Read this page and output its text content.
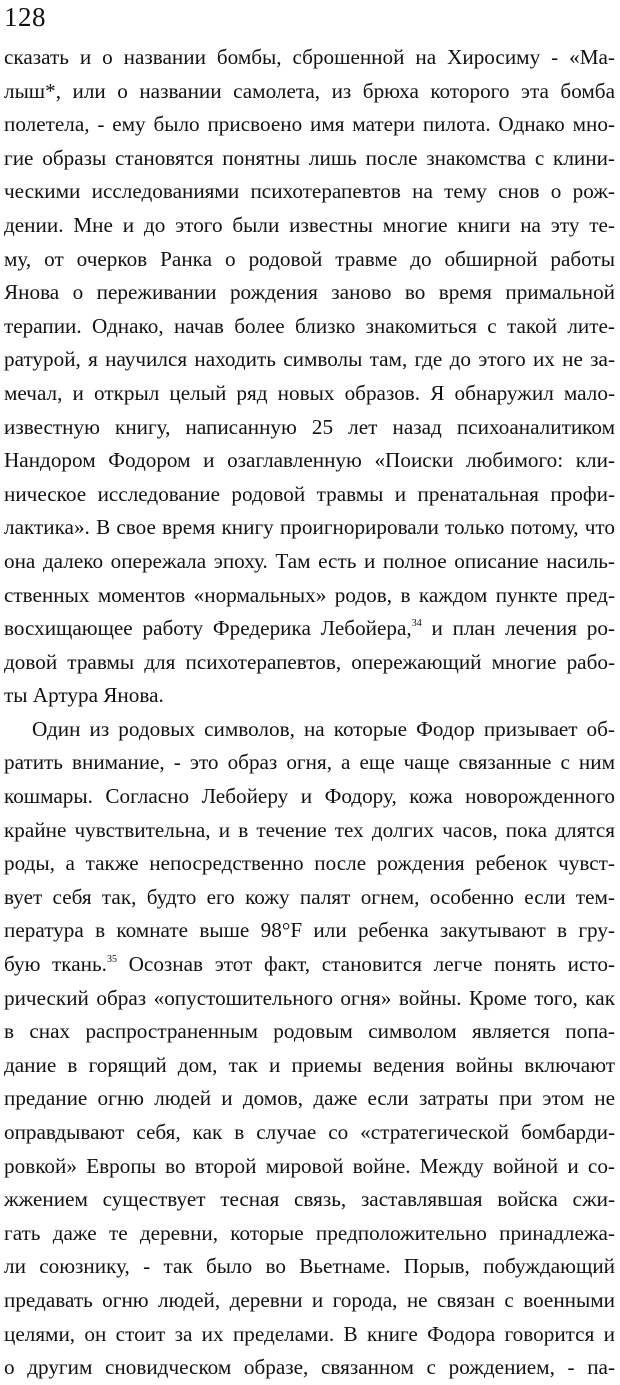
128
сказать и о названии бомбы, сброшенной на Хиросиму - «Ма-
лыш*, или о названии самолета, из брюха которого эта бомба
полетела, - ему было присвоено имя матери пилота. Однако мно-
гие образы становятся понятны лишь после знакомства с клини-
ческими исследованиями психотерапевтов на тему снов о рож-
дении. Мне и до этого были известны многие книги на эту те-
му, от очерков Ранка о родовой травме до обширной работы
Янова о переживании рождения заново во время примальной
терапии. Однако, начав более близко знакомиться с такой лите-
ратурой, я научился находить символы там, где до этого их не за-
мечал, и открыл целый ряд новых образов. Я обнаружил мало-
известную книгу, написанную 25 лет назад психоаналитиком
Нандором Фодором и озаглавленную «Поиски любимого: кли-
ническое исследование родовой травмы и пренатальная профи-
лактика». В свое время книгу проигнорировали только потому, что
она далеко опережала эпоху. Там есть и полное описание насиль-
ственных моментов «нормальных» родов, в каждом пункте пред-
восхищающее работу Фредерика Лебойера,$^{34}$ и план лечения ро-
довой травмы для психотерапевтов, опережающий многие рабо-
ты Артура Янова.
Один из родовых символов, на которые Фодор призывает об-
ратить внимание, - это образ огня, а еще чаще связанные с ним
кошмары. Согласно Лебойеру и Фодору, кожа новорожденного
крайне чувствительна, и в течение тех долгих часов, пока длятся
роды, а также непосредственно после рождения ребенок чувст-
вует себя так, будто его кожу палят огнем, особенно если тем-
пература в комнате выше 98°F или ребенка закутывают в гру-
бую ткань.$^{35}$ Осознав этот факт, становится легче понять исто-
рический образ «опустошительного огня» войны. Кроме того, как
в снах распространенным родовым символом является попа-
дание в горящий дом, так и приемы ведения войны включают
предание огню людей и домов, даже если затраты при этом не
оправдывают себя, как в случае со «стратегической бомбарди-
ровкой» Европы во второй мировой войне. Между войной и со-
жжением существует тесная связь, заставлявшая войска сжи-
гать даже те деревни, которые предположительно принадлежа-
ли союзнику, - так было во Вьетнаме. Порыв, побуждающий
предавать огню людей, деревни и города, не связан с военными
целями, он стоит за их пределами. В книге Фодора говорится и
о другим сновидческом образе, связанном с рождением, - па-
